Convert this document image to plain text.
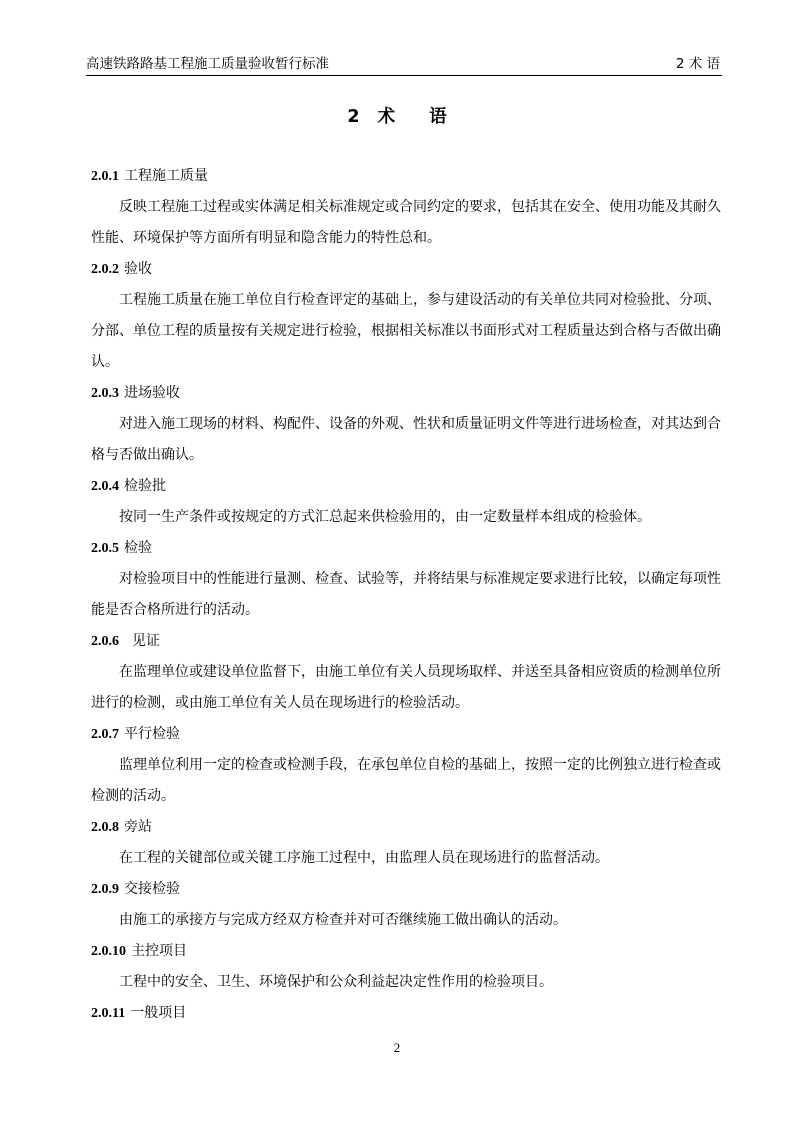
高速铁路路基工程施工质量验收暂行标准	2 术 语
2 术 语
2.0.1 工程施工质量

反映工程施工过程或实体满足相关标准规定或合同约定的要求，包括其在安全、使用功能及其耐久性能、环境保护等方面所有明显和隐含能力的特性总和。

2.0.2 验收

工程施工质量在施工单位自行检查评定的基础上，参与建设活动的有关单位共同对检验批、分项、分部、单位工程的质量按有关规定进行检验，根据相关标准以书面形式对工程质量达到合格与否做出确认。

2.0.3 进场验收

对进入施工现场的材料、构配件、设备的外观、性状和质量证明文件等进行进场检查，对其达到合格与否做出确认。

2.0.4 检验批

按同一生产条件或按规定的方式汇总起来供检验用的，由一定数量样本组成的检验体。

2.0.5 检验

对检验项目中的性能进行量测、检查、试验等，并将结果与标准规定要求进行比较，以确定每项性能是否合格所进行的活动。

2.0.6 见证

在监理单位或建设单位监督下，由施工单位有关人员现场取样、并送至具备相应资质的检测单位所进行的检测，或由施工单位有关人员在现场进行的检验活动。

2.0.7 平行检验

监理单位利用一定的检查或检测手段，在承包单位自检的基础上，按照一定的比例独立进行检查或检测的活动。

2.0.8 旁站

在工程的关键部位或关键工序施工过程中，由监理人员在现场进行的监督活动。

2.0.9 交接检验

由施工的承接方与完成方经双方检查并对可否继续施工做出确认的活动。

2.0.10 主控项目

工程中的安全、卫生、环境保护和公众利益起决定性作用的检验项目。

2.0.11 一般项目
2
